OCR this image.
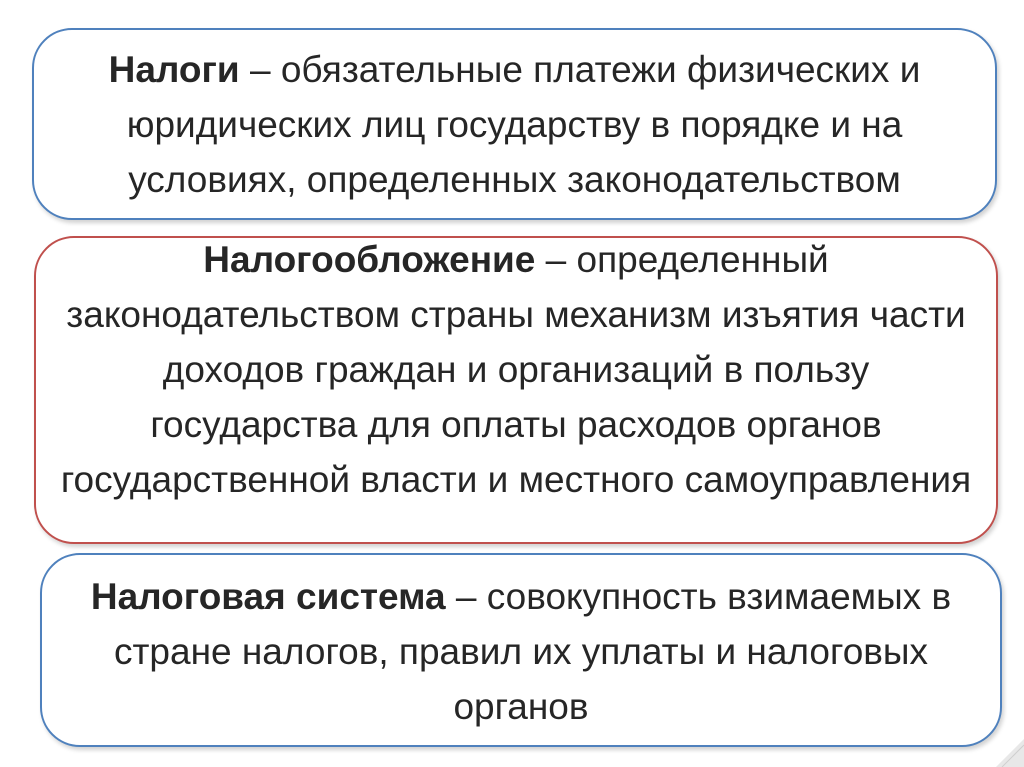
Налоги – обязательные платежи физических и юридических лиц государству в порядке и на условиях, определенных законодательством
Налогообложение – определенный законодательством страны механизм изъятия части доходов граждан и организаций в пользу государства для оплаты расходов органов государственной власти и местного самоуправления
Налоговая система – совокупность взимаемых в стране налогов, правил их уплаты и налоговых органов
